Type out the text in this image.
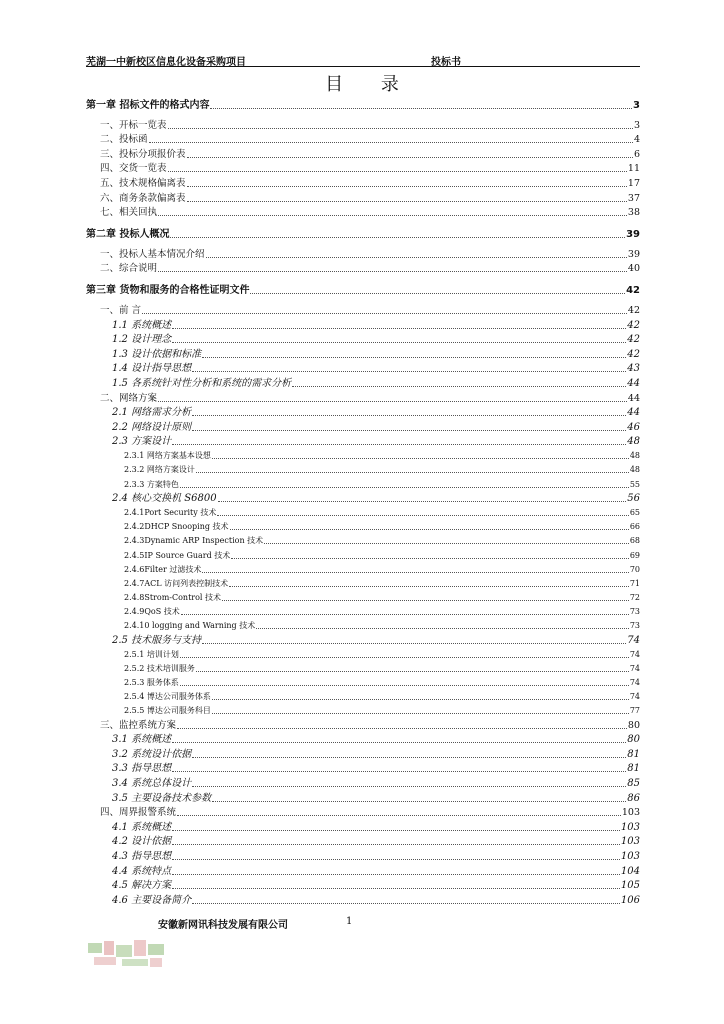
芜湖一中新校区信息化设备采购项目	投标书
目 录
第一章 招标文件的格式内容	3
一、开标一览表	3
二、投标函	4
三、投标分项报价表	6
四、交货一览表	11
五、技术规格偏离表	17
六、商务条款偏离表	37
七、相关回执	38
第二章 投标人概况	39
一、投标人基本情况介绍	39
二、综合说明	40
第三章 货物和服务的合格性证明文件	42
一、前 言	42
1.1 系统概述	42
1.2 设计理念	42
1.3 设计依据和标准	42
1.4 设计指导思想	43
1.5 各系统针对性分析和系统的需求分析	44
二、网络方案	44
2.1 网络需求分析	44
2.2 网络设计原则	46
2.3 方案设计	48
2.3.1 网络方案基本设想	48
2.3.2 网络方案设计	48
2.3.3 方案特色	55
2.4 核心交换机 S6800	56
2.4.1Port Security 技术	65
2.4.2DHCP Snooping 技术	66
2.4.3Dynamic ARP Inspection 技术	68
2.4.5IP Source Guard 技术	69
2.4.6Filter 过滤技术	70
2.4.7ACL 访问列表控制技术	71
2.4.8Strom-Control 技术	72
2.4.9QoS 技术	73
2.4.10 logging and Warning 技术	73
2.5 技术服务与支持	74
2.5.1 培训计划	74
2.5.2 技术培训服务	74
2.5.3 服务体系	74
2.5.4 博达公司服务体系	74
2.5.5 博达公司服务科目	77
三、监控系统方案	80
3.1 系统概述	80
3.2 系统设计依据	81
3.3 指导思想	81
3.4 系统总体设计	85
3.5 主要设备技术参数	86
四、周界报警系统	103
4.1 系统概述	103
4.2 设计依据	103
4.3 指导思想	103
4.4 系统特点	104
4.5 解决方案	105
4.6 主要设备简介	106
安徽新网讯科技发展有限公司	1
